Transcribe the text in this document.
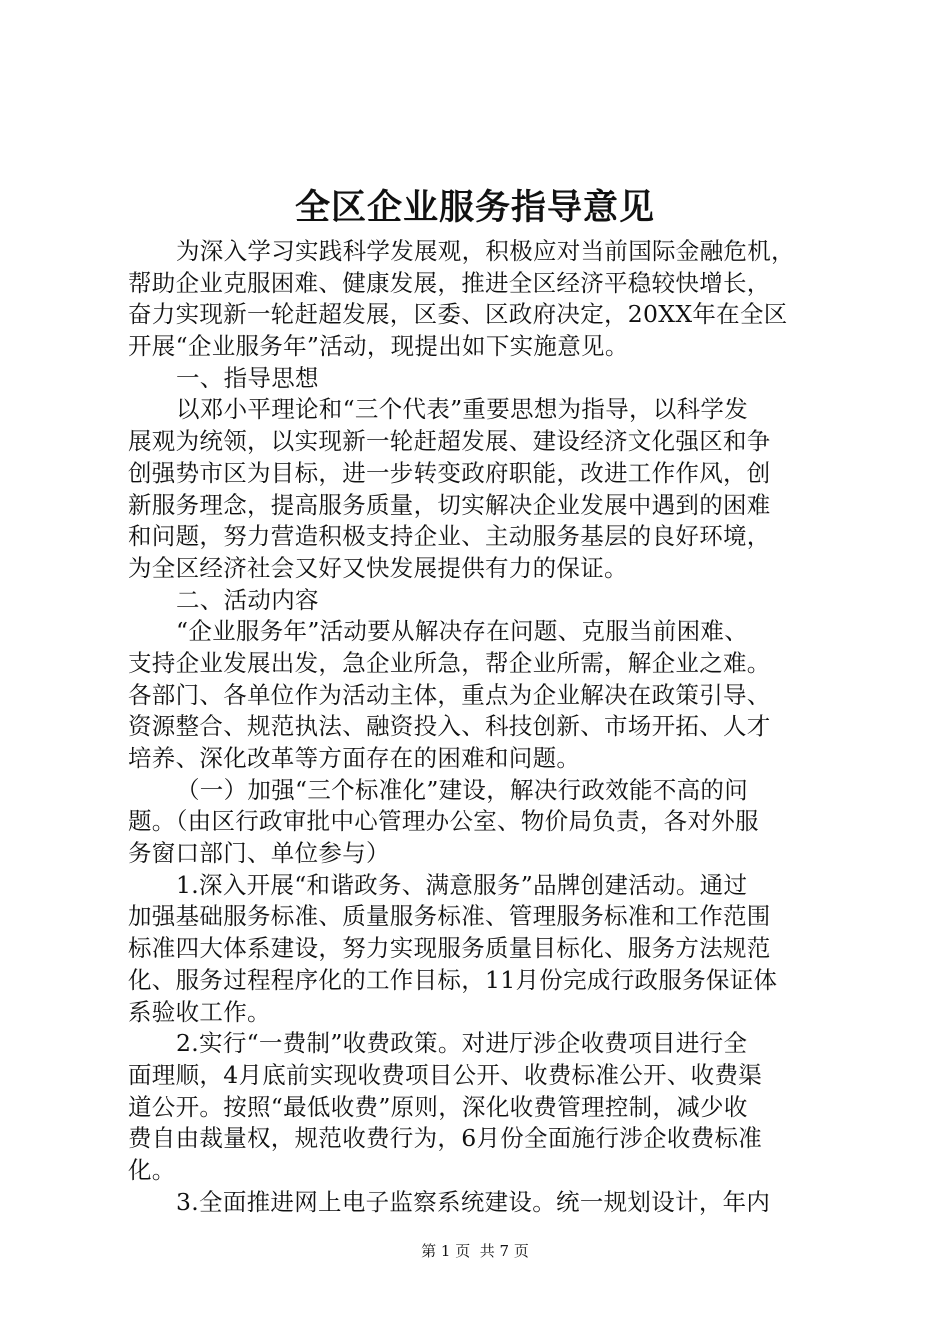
全区企业服务指导意见
为深入学习实践科学发展观，积极应对当前国际金融危机，
帮助企业克服困难、健康发展，推进全区经济平稳较快增长，
奋力实现新一轮赶超发展，区委、区政府决定，20XX年在全区
开展“企业服务年”活动，现提出如下实施意见。
一、指导思想
以邓小平理论和“三个代表”重要思想为指导，以科学发
展观为统领，以实现新一轮赶超发展、建设经济文化强区和争
创强势市区为目标，进一步转变政府职能，改进工作作风，创
新服务理念，提高服务质量，切实解决企业发展中遇到的困难
和问题，努力营造积极支持企业、主动服务基层的良好环境，
为全区经济社会又好又快发展提供有力的保证。
二、活动内容
“企业服务年”活动要从解决存在问题、克服当前困难、
支持企业发展出发，急企业所急，帮企业所需，解企业之难。
各部门、各单位作为活动主体，重点为企业解决在政策引导、
资源整合、规范执法、融资投入、科技创新、市场开拓、人才
培养、深化改革等方面存在的困难和问题。
（一）加强“三个标准化”建设，解决行政效能不高的问
题。（由区行政审批中心管理办公室、物价局负责，各对外服
务窗口部门、单位参与）
1.深入开展“和谐政务、满意服务”品牌创建活动。通过
加强基础服务标准、质量服务标准、管理服务标准和工作范围
标准四大体系建设，努力实现服务质量目标化、服务方法规范
化、服务过程程序化的工作目标，11月份完成行政服务保证体
系验收工作。
2.实行“一费制”收费政策。对进厅涉企收费项目进行全
面理顺，4月底前实现收费项目公开、收费标准公开、收费渠
道公开。按照“最低收费”原则，深化收费管理控制，减少收
费自由裁量权，规范收费行为，6月份全面施行涉企收费标准
化。
3.全面推进网上电子监察系统建设。统一规划设计，年内
第 1 页  共 7 页
